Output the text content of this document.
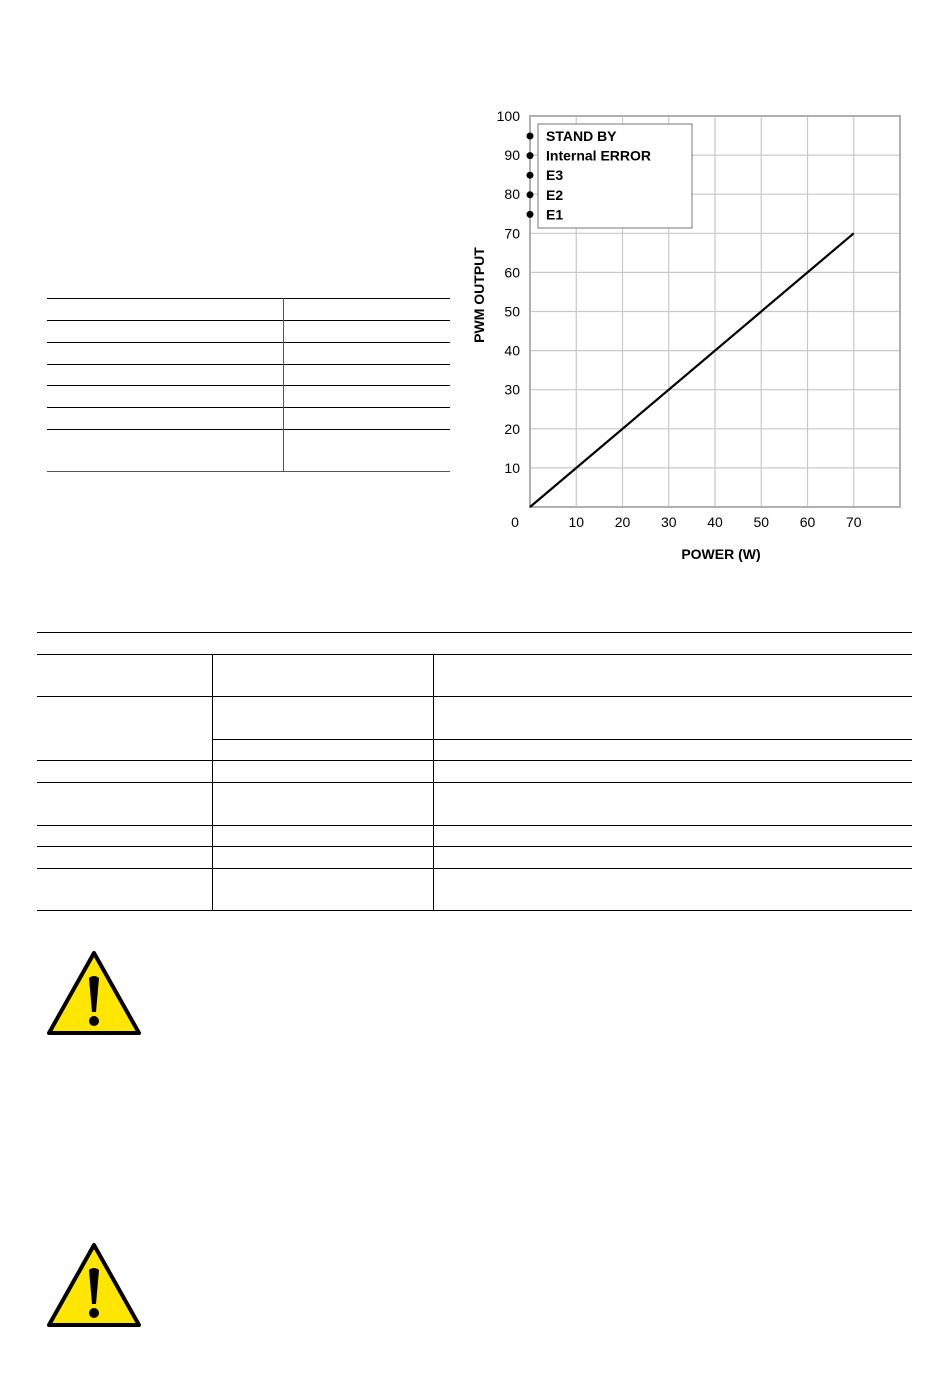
STAND BY
Internal ERROR
E3
E2
E1
0	10 20 30 40 50 60 70
10
20
30
40
50
60
70
80
90
100
POWER (W)
PWM OUTPUT
